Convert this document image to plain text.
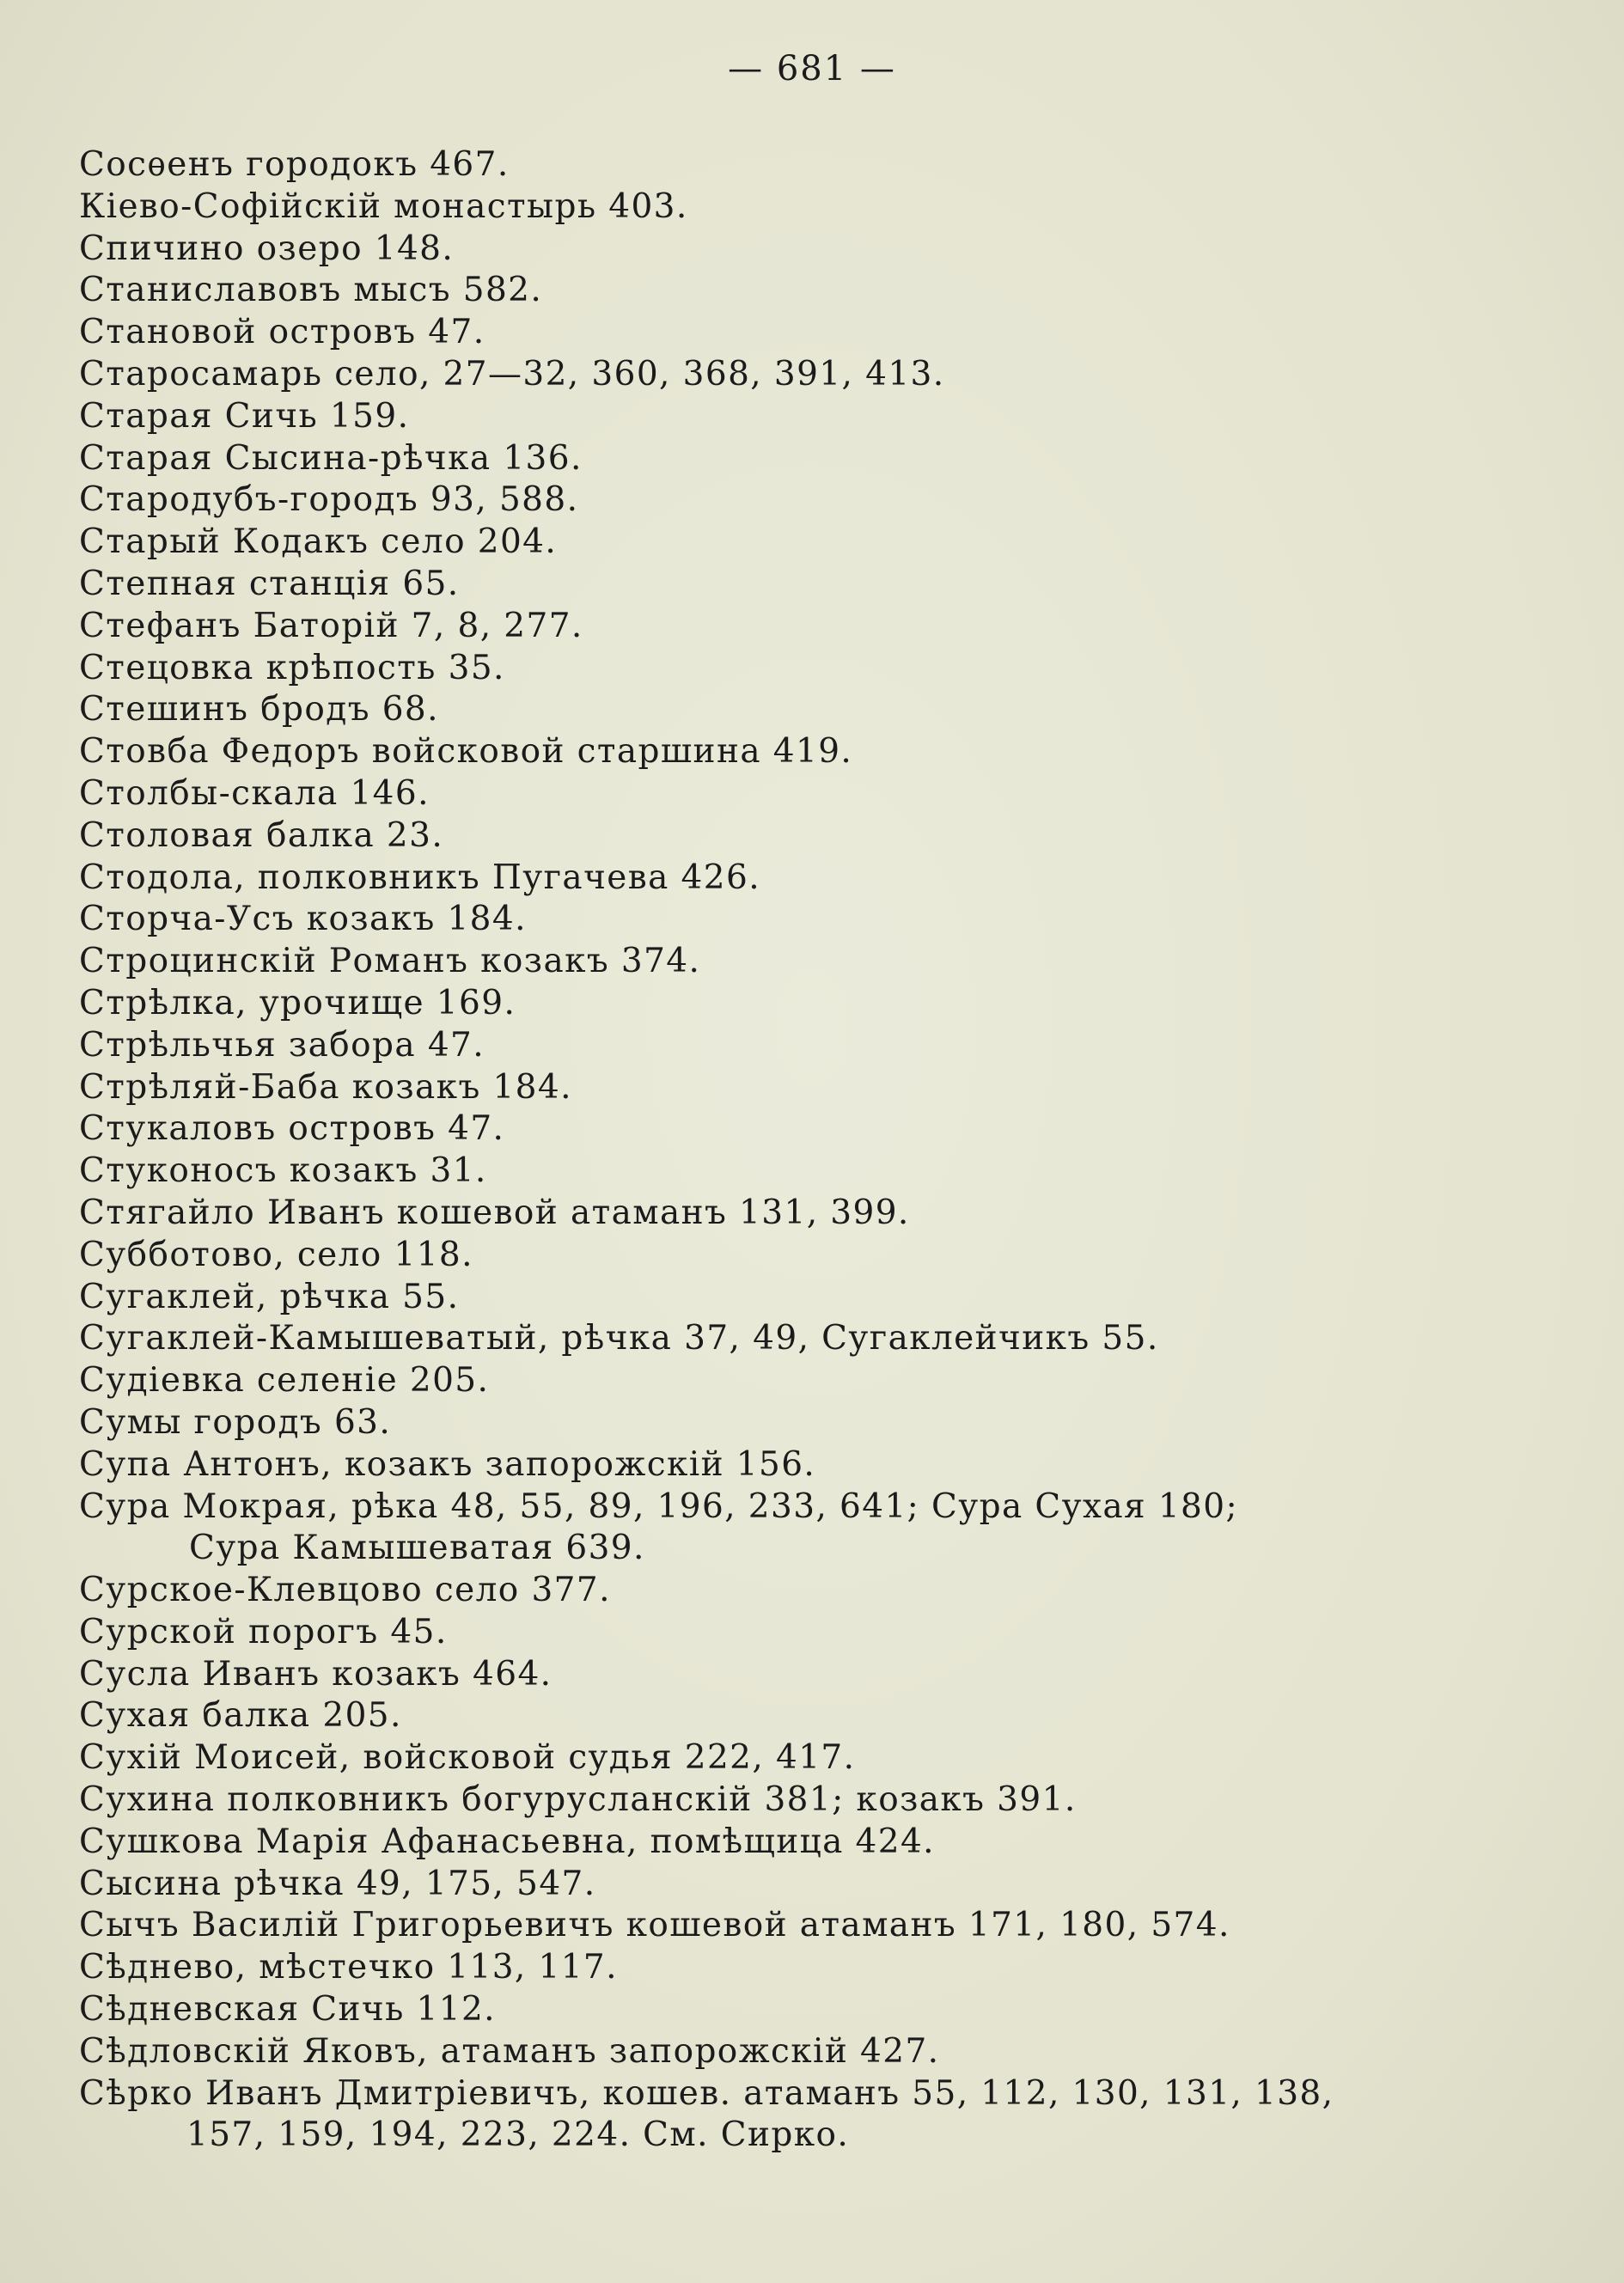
— 681 —
Сосѳенъ городокъ 467.
Кіево-Софійскій монастырь 403.
Спичино озеро 148.
Станиславовъ мысъ 582.
Становой островъ 47.
Старосамарь село, 27—32, 360, 368, 391, 413.
Старая Сичь 159.
Старая Сысина-рѣчка 136.
Стародубъ-городъ 93, 588.
Старый Кодакъ село 204.
Степная станція 65.
Стефанъ Баторій 7, 8, 277.
Стецовка крѣпость 35.
Стешинъ бродъ 68.
Стовба Федоръ войсковой старшина 419.
Столбы-скала 146.
Столовая балка 23.
Стодола, полковникъ Пугачева 426.
Сторча-Усъ козакъ 184.
Строцинскій Романъ козакъ 374.
Стрѣлка, урочище 169.
Стрѣльчья забора 47.
Стрѣляй-Баба козакъ 184.
Стукаловъ островъ 47.
Стуконосъ козакъ 31.
Стягайло Иванъ кошевой атаманъ 131, 399.
Субботово, село 118.
Сугаклей, рѣчка 55.
Сугаклей-Камышеватый, рѣчка 37, 49, Сугаклейчикъ 55.
Судіевка селеніе 205.
Сумы городъ 63.
Супа Антонъ, козакъ запорожскій 156.
Сура Мокрая, рѣка 48, 55, 89, 196, 233, 641; Сура Сухая 180;
Сура Камышеватая 639.
Сурское-Клевцово село 377.
Сурской порогъ 45.
Сусла Иванъ козакъ 464.
Сухая балка 205.
Сухій Моисей, войсковой судья 222, 417.
Сухина полковникъ богурусланскій 381; козакъ 391.
Сушкова Марія Афанасьевна, помѣщица 424.
Сысина рѣчка 49, 175, 547.
Сычъ Василій Григорьевичъ кошевой атаманъ 171, 180, 574.
Сѣднево, мѣстечко 113, 117.
Сѣдневская Сичь 112.
Сѣдловскій Яковъ, атаманъ запорожскій 427.
Сѣрко Иванъ Дмитріевичъ, кошев. атаманъ 55, 112, 130, 131, 138,
157, 159, 194, 223, 224. См. Сирко.
